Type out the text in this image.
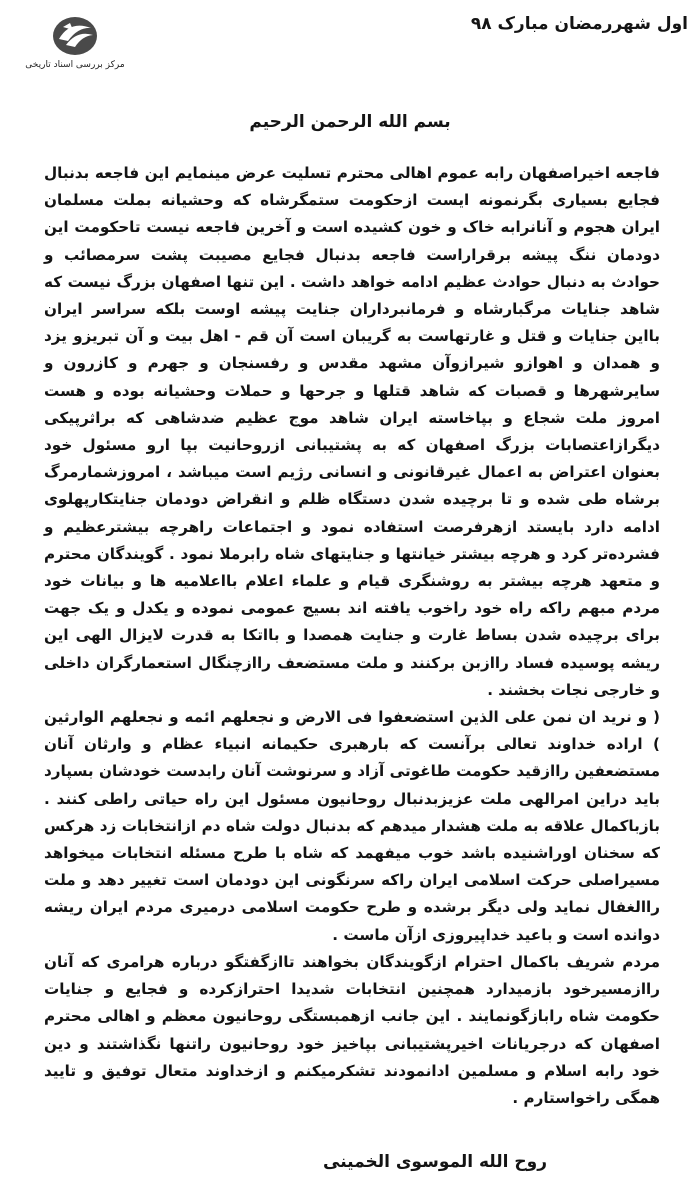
مرکز بررسی اسناد تاریخی
اول شهررمضان مبارک ۹۸
بسم الله الرحمن الرحیم

فاجعه اخیراصفهان رابه عموم اهالی محترم تسلیت عرض مینمایم این فاجعه بدنبال فجایع بسیاری بگرنمونه ایست ازحکومت ستمگرشاه که وحشیانه بملت مسلمان ایران هجوم و آنانرابه خاک و خون کشیده است و آخرین فاجعه نیست تاحکومت این دودمان ننگ پیشه برقراراست فاجعه بدنبال فجایع مصیبت پشت سرمصائب و حوادث به دنبال حوادث عظیم ادامه خواهد داشت . این تنها اصفهان بزرگ نیست که شاهد جنایات مرگبارشاه و فرمانبرداران جنایت پیشه اوست بلکه سراسر ایران بااین جنایات و قتل و غارتهاست به گریبان است آن قم - اهل بیت و آن تبریزو یزد و همدان و اهوازو شیرازوآن مشهد مقدس و رفسنجان و جهرم و کازرون و سایرشهرها و قصبات که شاهد قتلها و جرحها و حملات وحشیانه بوده و هست امروز ملت شجاع و بپاخاسته ایران شاهد موج عظیم ضدشاهی که براثرپیکی دیگرازاعتصابات بزرگ اصفهان که به پشتیبانی ازروحانیت بپا ارو مسئول خود بعنوان اعتراض به اعمال غیرقانونی و انسانی رژیم است میباشد ، امروزشمارمرگ برشاه طی شده و تا برچیده شدن دستگاه ظلم و انقراض دودمان جنایتکارپهلوی ادامه دارد بایستد ازهرفرصت استفاده نمود و اجتماعات راهرچه بیشترعظیم و فشرده‌تر کرد و هرچه بیشتر خیانتها و جنایتهای شاه رابرملا نمود . گویندگان محترم و متعهد هرچه بیشتر به روشنگری قیام و علماء اعلام بااعلامیه ها و بیانات خود مردم مبهم راکه راه خود راخوب یافته اند بسیج عمومی نموده و یکدل و یک جهت برای برچیده شدن بساط غارت و جنایت همصدا و بااتکا به قدرت لایزال الهی این ریشه پوسیده فساد راازبن برکنند و ملت مستضعف راازچنگال استعمارگران داخلی و خارجی نجات بخشند .

( و نرید ان نمن علی الذین استضعفوا فی الارض و نجعلهم ائمه و نجعلهم الوارثین ) اراده خداوند تعالی برآنست که بارهبری حکیمانه انبیاء عظام و وارثان آنان مستضعفین راازقید حکومت طاغوتی آزاد و سرنوشت آنان رابدست خودشان بسپارد باید دراین امرالهی ملت عزیزبدنبال روحانیون مسئول این راه حیاتی راطی کنند . بازباکمال علاقه به ملت هشدار میدهم که بدنبال دولت شاه دم ازانتخابات زد هرکس که سخنان اوراشنیده باشد خوب میفهمد که شاه با طرح مسئله انتخابات میخواهد مسیراصلی حرکت اسلامی ایران راکه سرنگونی این دودمان است تغییر دهد و ملت راالغفال نماید ولی دیگر برشده و طرح حکومت اسلامی درمیری مردم ایران ریشه دوانده است و باعید خداپیروزی ازآن ماست .

مردم شریف باکمال احترام ازگویندگان بخواهند تاازگفتگو درباره هرامری که آنان راازمسیرخود بازمیدارد همچنین انتخابات شدیدا احترازکرده و فجایع و جنایات حکومت شاه رابازگونمایند . این جانب ازهمبستگی روحانیون معظم و اهالی محترم اصفهان که درجریانات اخیرپشتیبانی بپاخیز خود روحانیون راتنها نگذاشتند و دین خود رابه اسلام و مسلمین ادانمودند تشکرمیکنم و ازخداوند متعال توفیق و تایید همگی راخواستارم .

روح الله الموسوی الخمینی
